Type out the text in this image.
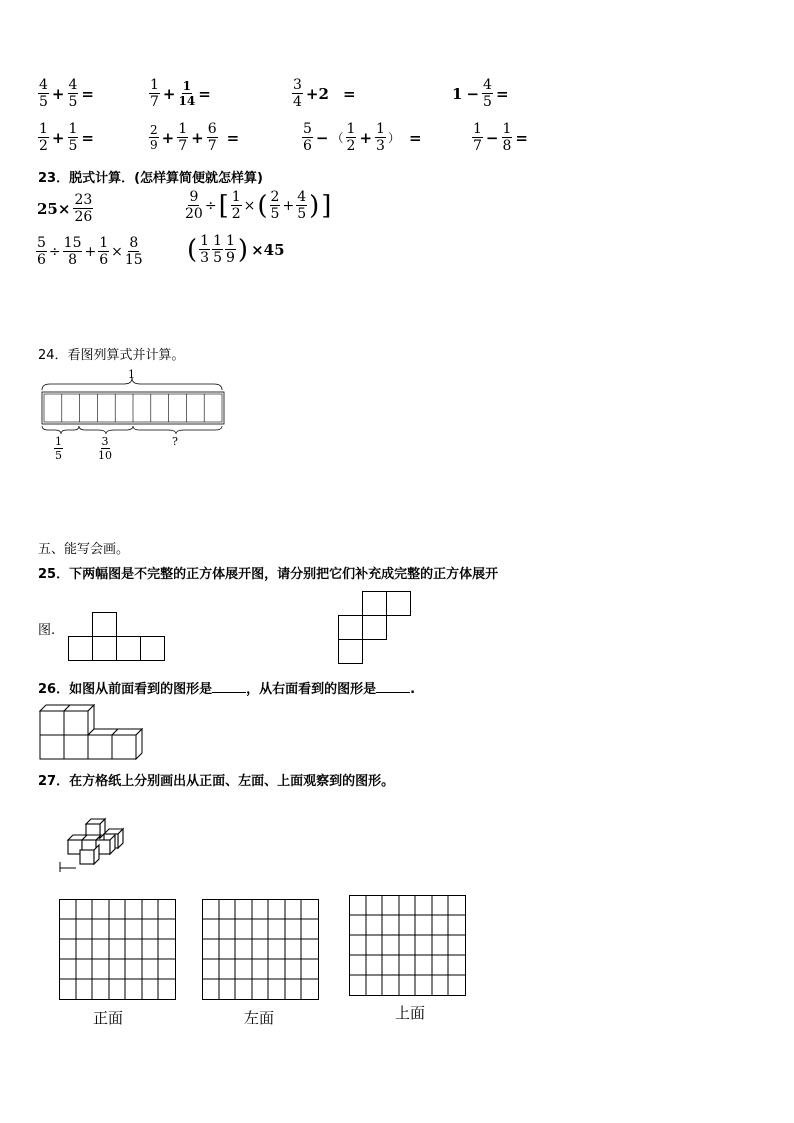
$\frac{4}{5} + \frac{4}{5}$ =	$\frac{1}{7} + \frac{1}{14}$ =	$\frac{3}{4} +2$ =	$1 - \frac{4}{5}$ =
$\frac{1}{2} + \frac{1}{5}$ =	$\frac{2}{9} + \frac{1}{7} + \frac{6}{7}$ =	$\frac{5}{6}$ − （ $\frac{1}{2} + \frac{1}{3}$ ） =	$\frac{1}{7} - \frac{1}{8}$ =
23．脱式计算．(怎样算简便就怎样算)
$25\times \frac{23}{26}$	$\frac{9}{20}$ ÷ [ $\frac{1}{2}$ × ( $\frac{2}{5} + \frac{4}{5}$ ) ]
$\frac{5}{6} \div \frac{15}{8} + \frac{1}{6} \times \frac{8}{15}$ ( $\frac{1}{3} \frac{1}{5} \frac{1}{9}$ ) ×45
24．看图列算式并计算。
1
$\frac{1}{5}$	$\frac{3}{10}$	?
五、能写会画。
25．下两幅图是不完整的正方体展开图，请分别把它们补充成完整的正方体展开
图.
26．如图从前面看到的图形是	，从右面看到的图形是	.
27．在方格纸上分别画出从正面、左面、上面观察到的图形。
正面	左面	上面
